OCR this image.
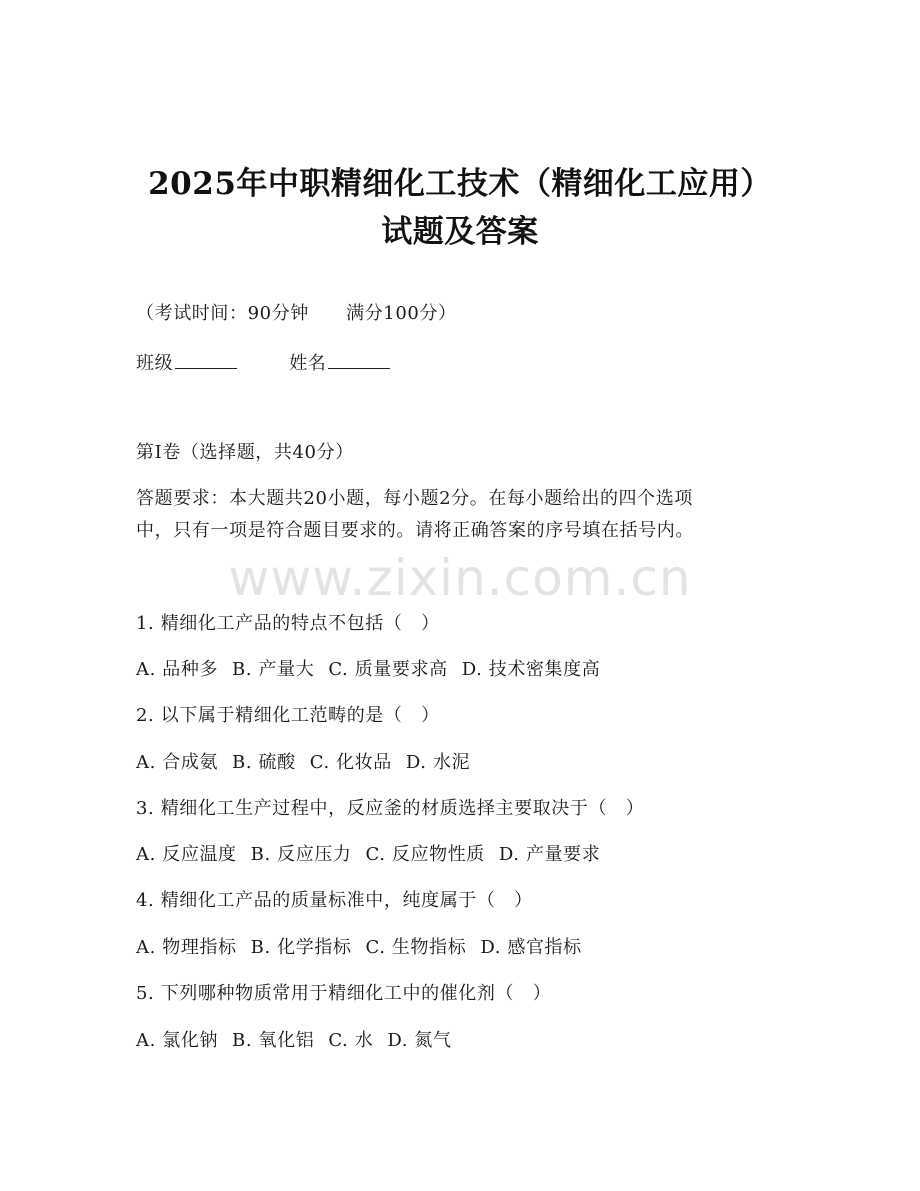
www.zixin.com.cn
2025年中职精细化工技术（精细化工应用）
试题及答案
（考试时间：90分钟　　满分100分）
班级	姓名
第I卷（选择题，共40分）
答题要求：本大题共20小题，每小题2分。在每小题给出的四个选项
中，只有一项是符合题目要求的。请将正确答案的序号填在括号内。
1. 精细化工产品的特点不包括（　）
A. 品种多 B. 产量大 C. 质量要求高 D. 技术密集度高
2. 以下属于精细化工范畴的是（　）
A. 合成氨 B. 硫酸 C. 化妆品 D. 水泥
3. 精细化工生产过程中，反应釜的材质选择主要取决于（　）
A. 反应温度 B. 反应压力 C. 反应物性质 D. 产量要求
4. 精细化工产品的质量标准中，纯度属于（　）
A. 物理指标 B. 化学指标 C. 生物指标 D. 感官指标
5. 下列哪种物质常用于精细化工中的催化剂（　）
A. 氯化钠 B. 氧化铝 C. 水 D. 氮气
